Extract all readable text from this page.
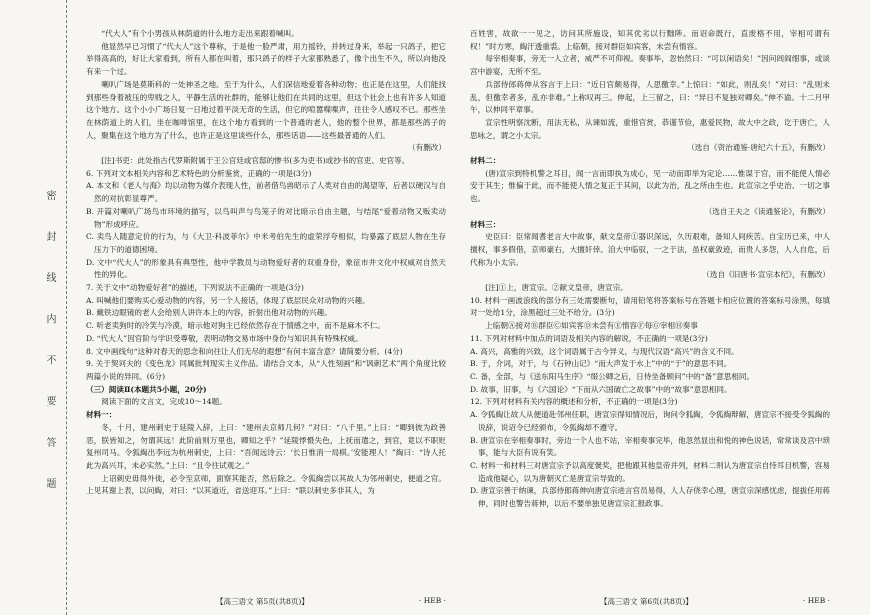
密 封 线 内 不 要 答 题

“代大人”有个小男孩从林荫道的什么地方走出来跟着喊叫。

他显然早已习惯了“代大人”这个尊称，于是他一脸严肃，用力摇铃，并转过身来，举起一只鸽子，把它举得高高的，好让大家看到，所有人都在叫着，那只鸽子的样子大家都熟悉了，像个出生不久，所以向他没有来一个过。

喇叭广场是莫斯科的一处神圣之地。至于为什么，人们深信地爱着各种动物；也正是在这里，人们能找到那些身着被压的卑贱之人，平静生活的社群的，能够让他们在共同的这里，但这个社会上也有许多人知道这个地方。这个小小广场日复一日地过着平淡无奇的生活，但它的喧嚣喋喋声，往往令人感叹不已。那些坐在林荫道上的人们，坐在咖啡馆里，在这个地方看到的一个普通的老人，他的整个世界，都是那些鸽子的人，聚集在这个地方为了什么，也许正是这里谈些什么，那些话语——这些最普通的人们。

（有删改）

[注]书吏：此处指古代罗斯附属于王公宫廷或官邸的惨书(多为吏书)或抄书的官吏、史官等。

6. 下列对文本相关内容和艺术特色的分析鉴赏，正确的一项是(3分)

A. 本文和《老人与海》均以动物为媒介表现人性，前者借鸟兽昭示了人类对自由的渴望等，后者以硬汉与自然的对抗彰显尊严。

B. 开篇对喇叭广场鸟市环境的描写，以鸟叫声与鸟笼子的对比暗示自由主题，与结尾“爱着动物又贩卖动物”形成呼应。

C. 卖鸟人随意定价的行为，与《大卫·科波菲尔》中米考伯先生的虚荣浮夸相似，均暴露了底层人物在生存压力下的道德困境。

D. 文中“代大人”的形象具有典型性，他中学教员与动物爱好者的双重身份，象征市井文化中权威对自然天性的异化。

7. 关于文中“动物爱好者”的描述，下列说法不正确的一项是(3分)

A. 叫喊他们要购买心爱动物的内容，另一个人接话，体现了底层民众对动物的兴趣。

B. 戴铁边眼镜的老人会给别人讲许本上的内容，折射出他对动物的兴趣。

C. 听老卖狗时的冷笑与冷漠，暗示他对狗主已经依然存在于情感之中，而不是麻木不仁。

D. “代大人”因官阶与学识受尊敬，表明动物交易市场中身份与知识具有特殊权威。

8. 文中画线句“这种对春天的思念和向往让人们无尽的遐想”有何丰富含意？请简要分析。(4分)

9. 关于契诃夫的《变色龙》同属批判现实主义作品。请结合文本，从“人性刻画”和“讽刺艺术”两个角度比较两篇小说的异同。(6分)

（三）阅读Ⅱ(本题共5小题，20分)

阅读下面的文言文，完成10～14题。

材料一：

冬，十月，建州刺史于延陵入辞，上曰：“建州去京师几何？”对曰：“八千里。”上曰：“卿到彼为政善恶，朕皆知之，勿谓其远！此阶前则万里也，卿知之乎？”延陵悸慑失色，上抚而遣之，到官，竟以不职贬复州司马。令狐綯出李远为杭州刺史，上曰：“吾闻远诗云：‘长日惟消一局棋。’安能理人！”綯曰：“诗人托此为高兴耳，未必实然。”上曰：“且令往试观之。”

上诏刺史毋得外徙，必令至京师，面察其能否，然后除之。令狐綯尝以其故人为邻州刺史，便道之官。上见其谢上表，以问綯，对曰：“以其道近，省送迎耳。”上曰：“联以刺史多非其人，为

【高三语文 第5页(共8页)】	· HEB ·

百姓害，故欲一一见之，访问其所施设，知其优劣以行黜陟。而诏命既行，直废格不用，宰相可谓有权！”时方寒，綯汗透重裘。上临朝，接对群臣如宾客，未尝有惰容。

每宰相奏事，旁无一人立者，威严不可仰视。奏事毕，忽怡然曰：“可以闲语矣！”因问闾阎细事，或谈宫中游宴，无所不至。

兵部侍郎蒋伸从容言于上曰：“近日官颇易得，人思徼幸。”上惊曰：“如此，则乱矣！”对曰：“乱则未乱，但徼幸者多，乱亦非难。”上称叹再三。伸起，上三留之，曰：“异日不复独对卿矣。”伸不谕。十二月甲午，以伸同平章事。

宣宗性明察沈断，用法无私，从谏如流，重惜官赏，恭谨节俭，惠爱民物，故大中之政，讫于唐亡，人思咏之，谓之小太宗。

（选自《资治通鉴·唐纪六十五》，有删改）

材料二：

(唐)宣宗到特机警之耳目，闻一言而即执为成心，见一动而即举为定论……惟谋于官，而不能使人情必安于其生；惟偏于此，而不能使人情之复正于其间，以此为治，乱之所由生也。此宣宗之乎史治、一切之事也。

（选自王夫之《读通鉴论》，有删改）

材料三：

史臣曰：臣常闻耆老言大中故事，献文皇帝①器识深远，久历艰难，备知人间疾苦。自宝历已来，中人擅权，事多假借，京师豪右，大擅奸倖。洎大中临驭，一之于法，虽权豪敛迹，而贵人多怨，人人自危，后代称为小太宗。

（选自《旧唐书·宣宗本纪》，有删改）

[注]①上，唐宣宗。②献文皇帝，唐宣宗。

10. 材料一画波浪线的部分有三处需要断句，请用铅笔将答案标号在答题卡相应位置的答案标号涂黑，每填对一处给1分，涂黑超过三处不给分。(3分)

上临朝Ⓐ接对Ⓑ群臣Ⓒ如宾客Ⓓ未尝有Ⓔ惰容Ⓕ每Ⓖ宰相Ⓗ奏事

11. 下列对材料中加点的词语及相关内容的解说，不正确的一项是(3分)

A. 高兴，高雅的兴致，这个词语属于古今异义，与现代汉语“高兴”的含义不同。

B. 于，介词，对于，与《石钟山记》“而大声发于水上”中的“于”的意思不同。

C. 备，全部，与《送东阳马生序》“缀公卿之后，日侍坐备顾问”中的“备”意思相同。

D. 故事，旧事，与《六国论》“下而从六国破亡之故事”中的“故事”意思相同。

12. 下列对材料有关内容的概述和分析，不正确的一项是(3分)

A. 令狐綯让故人从便道赴邻州任职，唐宣宗得知情况后，询问令狐綯，令狐綯辩解，唐宣宗不接受令狐綯的说辞，说诏令已经颁布，令狐綯却不遵守。

B. 唐宣宗在宰相奏事时，旁边一个人也不站，宰相奏事完毕，他忽然显出和悦的神色说话，常常谈及宫中琐事，能与大臣有说有笑。

C. 材料一和材料三对唐宣宗予以高度褒奖，把他跟其他皇帝并列，材料二则认为唐宣宗自恃耳目机警，容易造成他疑心，以为唐朝灭亡是唐宣宗导致的。

D. 唐宣宗善于纳谏，兵部侍郎蒋伸向唐宣宗进言官员易得，人人存侥幸心理，唐宣宗深感忧虑，提拔任用蒋伸，同时也警告蒋伸，以后不要单独见唐宣宗汇报政事。

【高三语文 第6页(共8页)】	· HEB ·
